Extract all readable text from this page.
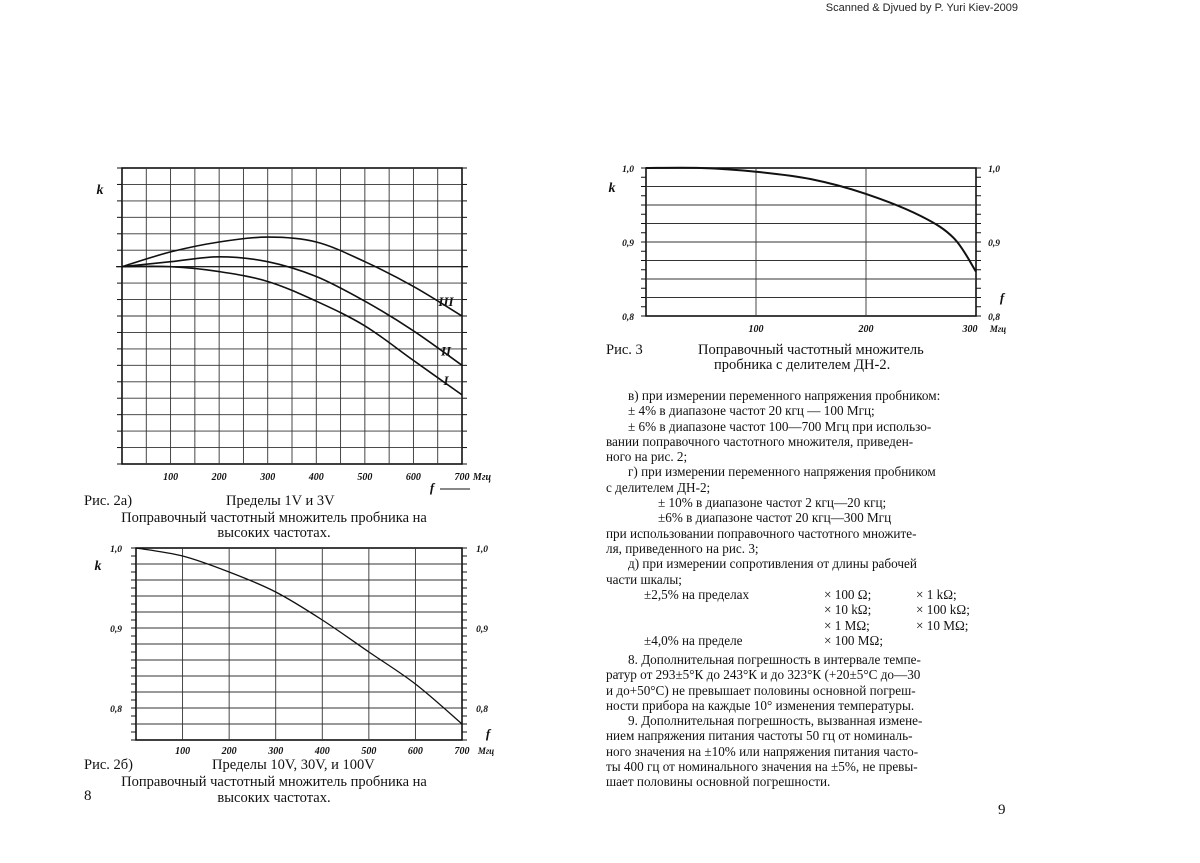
Scanned & Djvued by P. Yuri Kiev-2009
I
II
III
100	200	300	400	500	600	700 Мгц
f
k
Рис. 2а)	Пределы 1V и 3V
Поправочный частотный множитель пробника на
высоких частотах.
1,0	1,0
0,9	0,9
0,8	0,8
100	200	300	400	500	600	700 Мгц
f
k
Рис. 2б)	Пределы 10V, 30V, и 100V
Поправочный частотный множитель пробника на
высоких частотах.
8
1,0	1,0
0,9	0,9
0,8	0,8
100	200	300 Мгц
f
k
Рис. 3	Поправочный частотный множитель
пробника с делителем ДН-2.

в) при измерении переменного напряжения пробником:

± 4% в диапазоне частот 20 кгц — 100 Мгц;

± 6% в диапазоне частот 100—700 Мгц при использо-

вании поправочного частотного множителя, приведен-

ного на рис. 2;

г) при измерении переменного напряжения пробником

с делителем ДН-2;

± 10% в диапазоне частот 2 кгц—20 кгц;

±6% в диапазоне частот 20 кгц—300 Мгц

при использовании поправочного частотного множите-

ля, приведенного на рис. 3;

д) при измерении сопротивления от длины рабочей

части шкалы;

±2,5% на пределах	× 100 Ω;	× 1 kΩ;
	× 10 kΩ;	× 100 kΩ;
	× 1 MΩ;	× 10 MΩ;
±4,0% на пределе	× 100 MΩ;	

8. Дополнительная погрешность в интервале темпе-

ратур от 293±5°К до 243°К и до 323°К (+20±5°С до—30

и до+50°С) не превышает половины основной погреш-

ности прибора на каждые 10° изменения температуры.

9. Дополнительная погрешность, вызванная измене-

нием напряжения питания частоты 50 гц от номиналь-

ного значения на ±10% или напряжения питания часто-

ты 400 гц от номинального значения на ±5%, не превы-

шает половины основной погрешности.

9
